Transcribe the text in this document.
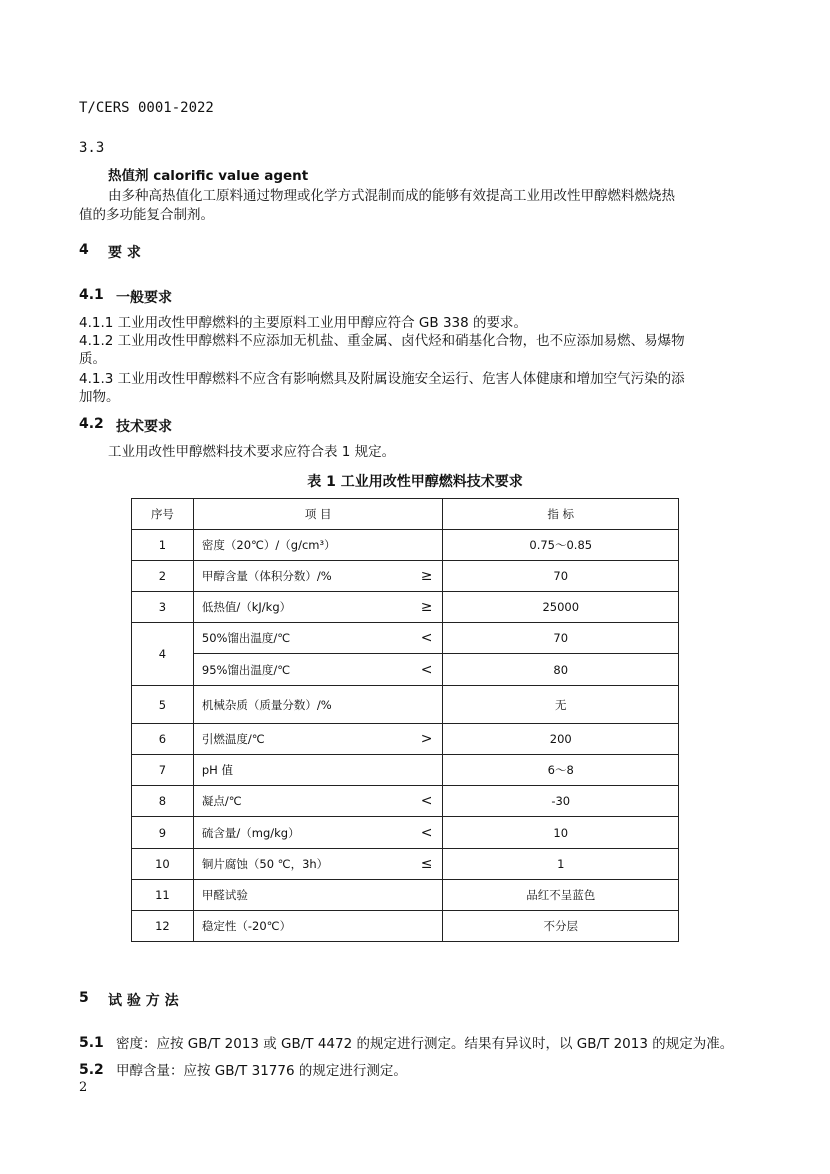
T/CERS 0001-2022
3.3
热值剂 calorific value agent
由多种高热值化工原料通过物理或化学方式混制而成的能够有效提高工业用改性甲醇燃料燃烧热
值的多功能复合制剂。
4 要 求
4.1 一般要求
4.1.1 工业用改性甲醇燃料的主要原料工业用甲醇应符合 GB 338 的要求。
4.1.2 工业用改性甲醇燃料不应添加无机盐、重金属、卤代烃和硝基化合物，也不应添加易燃、易爆物
质。
4.1.3 工业用改性甲醇燃料不应含有影响燃具及附属设施安全运行、危害人体健康和增加空气污染的添
加物。
4.2 技术要求
工业用改性甲醇燃料技术要求应符合表 1 规定。
表 1 工业用改性甲醇燃料技术要求
序号	项 目	指 标
1	密度（20℃）/（g/cm³）	0.75～0.85
2	甲醇含量（体积分数）/% ≥	70
3	低热值/（kJ/kg） ≥	25000
4	50%馏出温度/℃ <	70

	95%馏出温度/℃ <	80
5	机械杂质（质量分数）/%	无
6	引燃温度/℃ >	200
7	pH 值	6～8
8	凝点/℃ <	-30
9	硫含量/（mg/kg） <	10
10	铜片腐蚀（50 ℃，3h） ≤	1
11	甲醛试验	品红不呈蓝色
12	稳定性（-20℃）	不分层
5 试 验 方 法
5.1 密度：应按 GB/T 2013 或 GB/T 4472 的规定进行测定。结果有异议时，以 GB/T 2013 的规定为准。
5.2 甲醇含量：应按 GB/T 31776 的规定进行测定。
2
